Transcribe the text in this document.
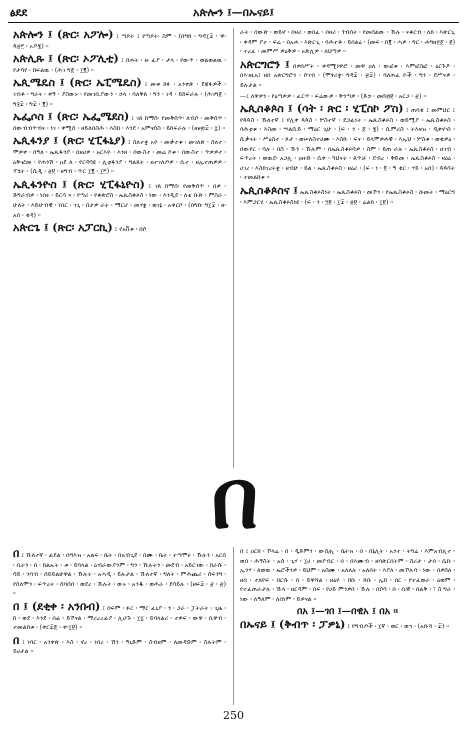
ፅደደ	አጵሎን ፤—በኡናይ፤
አጵሎን ፤ (ጽር፡ አፖሎ) ፤ ጣዖት ፤ የጣዖት፡ ስም ፡ (በግክ ፡ ግዳ፲፰ ፡ ዋ፡ጳ፳፫ ፡ ኦዶ፮) ።
አጵሊጹ ፤ (ጽር፡ ኦፖሊቲ) ፤ በሐት ፡ ዙ ፈያ ፡ ታላ ፡ የውጥ ፡ ወልወልዉ ፡ የታሳየ ፡ ከፍልዉ ፡ (ሕገ ግ፩ ፡ ፲፪) ።
ኤጲሜዴስ ፤ (ጽር፡ ኤፒሜዴስ) ፤ መቱ ክፉ ፡ አንቀጽ ፡ ደጃፉዎች ፡ ገብቶ ፡ ግራና ፡ ቀኝ ፡ ያስውኑ ፡ የመገቢያውን ፡ ኃላ ፡ ባለቅጸ ፡ ግን ፡ ገዳ ፡ ይከፍራሉ ፡ (ሕገግ፩ ፡ ግ፶፰ ፡ ግ፰ ፡ ፪) ።
ኤፌሶስ ፤ (ጽር፡ ኤፌሜደስ) ፤ ገጸ ከማሰ፡ የመቅሰጥ፡ ለብሶ ፡ መቅሰጥ ፡ በውብብጥብና ፡ ነገ ፡ ቀሚሰ ፡ ዘይለበስሕ ፡ እስከ ፡ እንደ ፡ አምናሰስ ፡ ይከፍራሉ ፡ (ዘፀ፴፰ ፡ ፯) ።
ኤጲፋንያ ፤ (ጽር፡ ሂፒፋኒያ) ፤ ስለተቋ ኦዮ ፡ መቃተቱ ፡ መገለጽ ፡ ስለተ ፡ ሞዎቀ ፡ በዓለ ፡ ኤጲፋንያ ፡ በዘሀዎ ፡ አርእዮ ፡ እንዘ ፡ በውስተ ፡ መሬ ኮቱ ፡ በውስተ ፡ ጥዎዎተ ፡ ዕቅ፡ፎመ ፡ የሐንሽ ፡ ዐደ ለ ፡ የርዳሳዩ ፡ ሊቲፋንያ ፡ ግልጸት ፡ ዘተገለጦዎ ፡ ቢተ ፡ ዘኢተጠዎዎ ፡ ፕሄት ፡ (ሲዲ ፡ ፳፱ ፡ ዘግብ ፡ ጥር ፲፪ ፡ ፲፫) ።
ኤጲፋንዮስ ፤ (ጽር፡ ሂፒፋኒዮስ) ፤ ገጸ ከማሰ፡ የመቅሰጥ ፡ በዎ ፡ ድግራብዎ ፡ ነበሩ ፡ ይርሳ ና ፡ የጣሪ ፡ የቆጽሮስ ፡ ኤጲስቆጶስ ፡ ነው ፡ እንዲደ ፡ ለቴ ቡጽ ፡ ምስራ ፡ ሁለት ፡ እድሁብዊ ፡ ነበር ፡ ገጊ ፡ በታዎ ራት ፡ ማርሆ ፡ መሃቋ ፡ ወገኔ ፡ አቀርቦ ፡ (በግክ፡ ግ፲፰ ፡ ዘ፡ አበ ፡ ቂዳ) ።
አጵርጌ ፤ (ጽር፡ አፓርኪ) ፤ የአቨቱ ፡ በሶ
ራት ፡ በውጽ ፡ ወይኖ ፡ በዛሪ ፡ ወበፈ ፡ በዛሪ ፡ ጎብሰት ፡ የመሰልው ፡ ኹሉ ፡ ናቆርብ ፡ ለከ ፡ እጽርጊ ፡ ቀዳም ያተ ፡ ፍሬ ፡ በአሐ ፡ እጽርጊ ፡ ባሕተቶ ፡ ይበልዕ ፡ (መፍ ፡ ከ፪ ፡ ሓዎ ፡ ግር ፡ ሐግዘ፻፩ ፡ ፱) ፡ ተረፈ ፡ መምሥ ዎዕቅዎ ፡ ኦጽሊዎ ፡ ለህጣዎ ።
አጵርግሮን ፤ በዎበሥት ፡ ቀዳሚነዋሮ ፡ መዋ ዐለ ፡ ውፎቱ ፡ እምፎስፎ ፡ ዕርጉዶ ፡ በእገዚአ፤ ዘበ አጵርግሮን ፡ ሶገብ ፡ (ሞፃሪቋ፡ ግዳ፰ ፡ ፳፰) ፡ ባለሐፈ ዮች ፡ ግን ፡ ደሥናዎ ፡ ይሉታል ።
—፤ ለዋዎን ፡ የዕጣዎዎ ፡ ፈርጥ ፡ ፍሬውዎ ፡ ቅንጣዎ ፡ (ድኃ ፡ መሰ፴፱ ፡ አርጋ ፡ ፳) ።
ኤጲስቆጶስ ፤ (ሳት ፡ ጽር ፡ ሂፒስኮ ፖስ) ፤ ጠባቂ ፤ መምህር ፤ የጳጳስ ፡ ኹለተኛ ፤ የሊቀ ጳጳስ ፡ ሦስተኛ ፡ ደጋፊነት ፡ ኤጲስቆጶስ ፡ ወይሚያ ፡ ኤጲስቆጶስ ፡ ባሕቲቱ ፡ እስመ ፡ ሣልሲይ ፡ ማዕር ጊሁ ፡ (ፍ ፡ ን ፡ ፩ ፡ ፮) ፡ ሲምሪስ ፡ ትእዛዝ ፡ ዲቀኖ፡ሰ ፡ ሲቃናት ፡ ሥዕስተ ፡ ጾታ ፡ ወሠለስተሀሙ ፡ እስኩ ፡ ፍና ፡ ይላሞዎሐዊ ፡ እኢህ ፡ ሦስቱ ፡ ወቁዎዕ ፡ በውየር ፡ ሳሉ ፡ በስ ፡ ኹን ፡ ኹሉም ፡ በኤጲስቆጶሳዎ ፡ ስም ፡ ይጠ ራሉ ፡ ኤጲስቆጶስ ፡ ዘገብ ፡ ፍጥረት ፡ ወዉደ፡ አጋሊ ፡ ዐዘ፡ድ ፡ ሲቀ ፡ ካህናት ፡ ጸጥቻ ፡ ደብረ ፡ ቅድመ ፡ ኤጲስቆጶስ ፡ ዛዕዕ ፡ ሀገረ ፡ እስከገረሩቋ ፡ ዘብሁ ፡ ይል ፡ ኤጲስቆጶስ ፡ ዘዕሪ ፡ (ፍ ፡ ነ ፡ ፬ ፡ ዓ ቂር ፡ ሃይ ፡ አበ) ፡ ጳጳሳት ፡ ተመልከቱ ።
ኤጲስቆጶስና ፤ ኤጲስቆጶስነት ፡ ኤጲስቆጶስ ፡ መኾን ፡ የኤጲስቆጶስ ፡ ሹመት ፡ ማዕርግ ፡ እምጋርሂ ፡ ኤጲስቆጶስነዩ ፡ (ፍ ፡ ን ፡ ፺፱ ፡ ፲፰ ፡ ፳፱ ፡ ሬልክ ፡ ፲፱) ።
በ
በ ፤ ኹለተኛ ፡ ፊደል ፡ በግእዝ ፡ አልፍ ፡ ቤት ፡ በአብጊደ ፡ በሙ ፡ ቤት ፡ ተጣሞሩ ፡ ኹሉን ፡ አርሰ ፡ ቢትን ፡ በ ፡ ከልኡት ፡ ቱ ፡ ይባላል ፡ ዕብራውያንም ፡ ግን ፡ ኹሉትን ፡ መደብ ፡ አይርገው ፡ ከራሱ ፡ ሳይ ፡ ንባብ ፡ ሰይይልሁዋል ፡ ኹሉት ፡ አሓዲ ፡ ይሉታል ፡ ኹለተኛ ፡ ግለት ፡ ምሕጨሪ ፡ ሰፍንግ ፡ የሰለሞን ፡ ፍጥረት ፡ ሰባሰበ ፡ ወደረ ፡ ኹሉት ፡ ውኑ ፡ አንዱ ፡ ወሕራ ፡ ደሳይሉ ፡ (ዘፍ፰ ፡ ፳ ፡ ፳) ።
በ ፤ (ደቂቀ ፡ አንበብ) ፤ በፍም ፡ ፉር ፡ ማር ፈኒያ ፡ ን ፡ ጋራ ፡ ፓትራት ፡ ጊዜ ፡ ከ ፡ ወደ ፡ እንደ ፡ በፊ ፡ ይኾናል ፡ ማሪረረፊያ ፡ ሊሆጉ ፡ ፲፯ ፡ ይባላልሪ ፡ ተዎፍ ፡ ውዋ ፡ ቢዋብ ፡ ተመልከቱ ፡ (ቀር፰፩ ፡ ቀ፡፲፱) ።
በ ፤ ነባር ፡ አንቀጽ ፡ እስ ፡ ኖረ ፡ ነበረ ፡ ኸን ፡ ዓኒድም ፡ ስብዘም ፡ ለመዳድም ፡ ስሉትም ፡ ይሀታል ።
በ ፤ ዐርክ ፡ ኾላሬ ፡ በ ፡ ዲድምን ፡ ውሰሒ ፡ ቤትዝ ፡ በ ፡ በኔሊት ፡ አንተ ፡ ትግሬ ፡ እምአብሊተ ፡ ወበ ፡ ሕኝስት ፡ አሰ ፡ ጊሃ ፡ ፲ሀ ፡ መያብር ፡ በ ፡ በእሙብ ፡ ዘባጽርበትም ፡ ስሪታ ፡ ታበ ፡ ሴኩ ፡ ኢንሃ ፡ ለወዉ ፡ ኤሮችንዎ ፡ ይህም ፡ አሰሙ ፡ አለለሉ ፡ አለበት ፡ እያለ ፡ መኾሉባ ፡ ነው ፡ በዎሰለ ፡ ዘበ ፡ ተለየፍ ፡ በርሱ ፡ በ ፡ ይዋሻል ፡ ዘዕዮ ፡ ክቡ ፡ ክቡ ፡ ኢከ ፡ በር ፡ የተፈወራ ፡ ዕወም ፡ የተፈጠራታሉ ፡ ኹላ ፡ ዘርዳም ፡ በፍ ፡ የሀይ ምንዎበ ፡ ኹሉ ፡ በሶሳ ፡ በ ፡ ቢዊ ፡ በልቅ ፡ ፣ ስ ግራ ፡ ነው ፡ ለዓለም ፡ ለበነም ፡ ይዎናል ።
በአ ፤—ገበ ፤—በዊአ ፤ በአ ።
በኡናይ ፤ (ቅብጥ ፡ ፓዎኒ) ፤ የግብጦች ፡ ፲ኛ ፡ ወር ፡ ወኀ ፡ (አቡሻ ፡ ፰) ።
250
